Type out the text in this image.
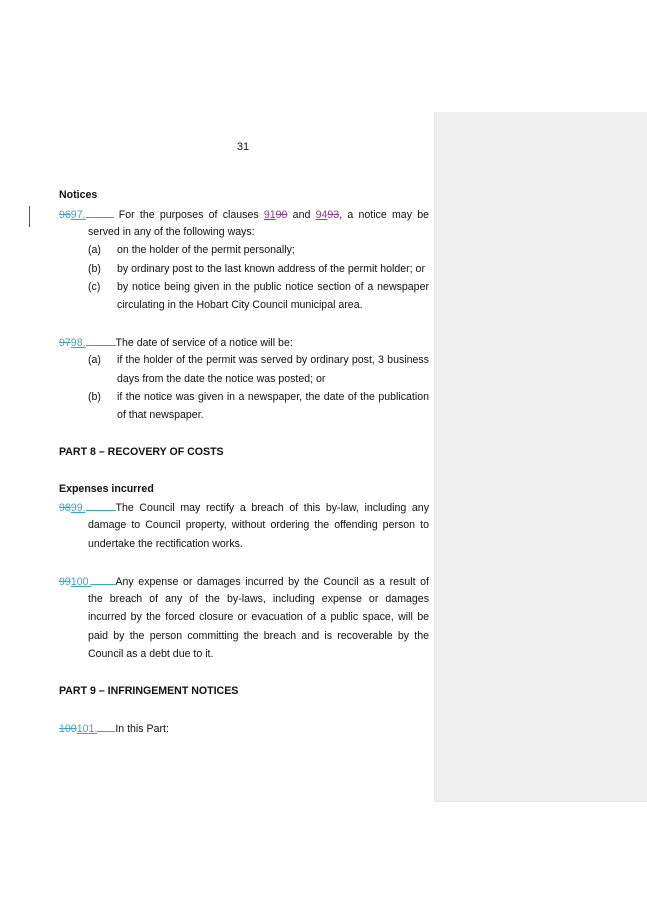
31
Notices
9697.	For the purposes of clauses 9190 and 9493, a notice may be
served in any of the following ways:
(a) on the holder of the permit personally;
(b) by ordinary post to the last known address of the permit holder; or
(c) by notice being given in the public notice section of a newspaper
circulating in the Hobart City Council municipal area.
9798.	The date of service of a notice will be:
(a) if the holder of the permit was served by ordinary post, 3 business
days from the date the notice was posted; or
(b) if the notice was given in a newspaper, the date of the publication
of that newspaper.
PART 8 – RECOVERY OF COSTS
Expenses incurred
9899.	The Council may rectify a breach of this by-law, including any
damage to Council property, without ordering the offending person to
undertake the rectification works.
99100. Any expense or damages incurred by the Council as a result of
the breach of any of the by-laws, including expense or damages
incurred by the forced closure or evacuation of a public space, will be
paid by the person committing the breach and is recoverable by the
Council as a debt due to it.
PART 9 – INFRINGEMENT NOTICES
100101. In this Part:
